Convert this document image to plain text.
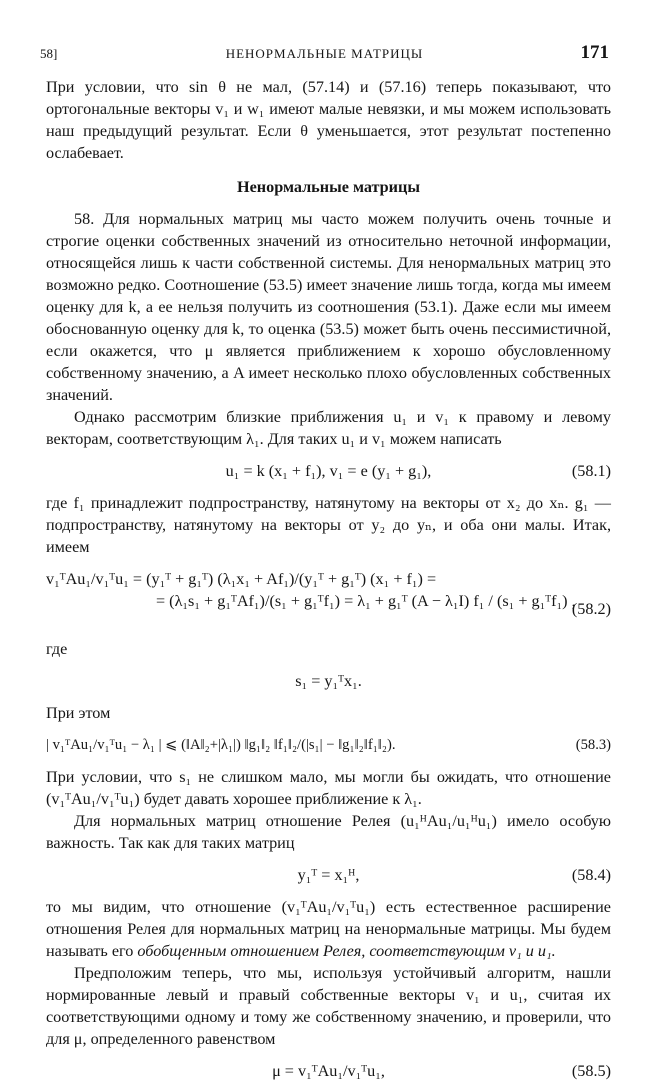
58]	НЕНОРМАЛЬНЫЕ МАТРИЦЫ	171

При условии, что sin θ не мал, (57.14) и (57.16) теперь показывают, что ортогональные векторы v₁ и w₁ имеют малые невязки, и мы можем использовать наш предыдущий результат. Если θ уменьшается, этот результат постепенно ослабевает.

Ненормальные матрицы

58. Для нормальных матриц мы часто можем получить очень точные и строгие оценки собственных значений из относительно неточной информации, относящейся лишь к части собственной системы. Для ненормальных матриц это возможно редко. Соотношение (53.5) имеет значение лишь тогда, когда мы имеем оценку для k, а ее нельзя получить из соотношения (53.1). Даже если мы имеем обоснованную оценку для k, то оценка (53.5) может быть очень пессимистичной, если окажется, что μ является приближением к хорошо обусловленному собственному значению, а A имеет несколько плохо обусловленных собственных значений.

Однако рассмотрим близкие приближения u₁ и v₁ к правому и левому векторам, соответствующим λ₁. Для таких u₁ и v₁ можем написать

u₁ = k (x₁ + f₁), v₁ = e (y₁ + g₁),	(58.1)

где f₁ принадлежит подпространству, натянутому на векторы от x₂ до xₙ. g₁ — подпространству, натянутому на векторы от y₂ до yₙ, и оба они малы. Итак, имеем

v₁ᵀAu₁/v₁ᵀu₁ = (y₁ᵀ + g₁ᵀ) (λ₁x₁ + Af₁)/(y₁ᵀ + g₁ᵀ) (x₁ + f₁) =
= (λ₁s₁ + g₁ᵀAf₁)/(s₁ + g₁ᵀf₁) = λ₁ + g₁ᵀ (A − λ₁I) f₁ / (s₁ + g₁ᵀf₁) ,
(58.2)

где

s₁ = y₁ᵀx₁.

При этом

| v₁ᵀAu₁/v₁ᵀu₁ − λ₁ | ⩽ (‖A‖₂+|λ₁|) ‖g₁‖₂ ‖f₁‖₂/(|s₁| − ‖g₁‖₂‖f₁‖₂).	(58.3)

При условии, что s₁ не слишком мало, мы могли бы ожидать, что отношение (v₁ᵀAu₁/v₁ᵀu₁) будет давать хорошее приближение к λ₁.

Для нормальных матриц отношение Релея (u₁ᴴAu₁/u₁ᴴu₁) имело особую важность. Так как для таких матриц

y₁ᵀ = x₁ᴴ,	(58.4)

то мы видим, что отношение (v₁ᵀAu₁/v₁ᵀu₁) есть естественное расширение отношения Релея для нормальных матриц на ненормальные матрицы. Мы будем называть его обобщенным отношением Релея, соответствующим v₁ и u₁.

Предположим теперь, что мы, используя устойчивый алгоритм, нашли нормированные левый и правый собственные векторы v₁ и u₁, считая их соответствующими одному и тому же собственному значению, и проверили, что для μ, определенного равенством

μ = v₁ᵀAu₁/v₁ᵀu₁,	(58.5)
